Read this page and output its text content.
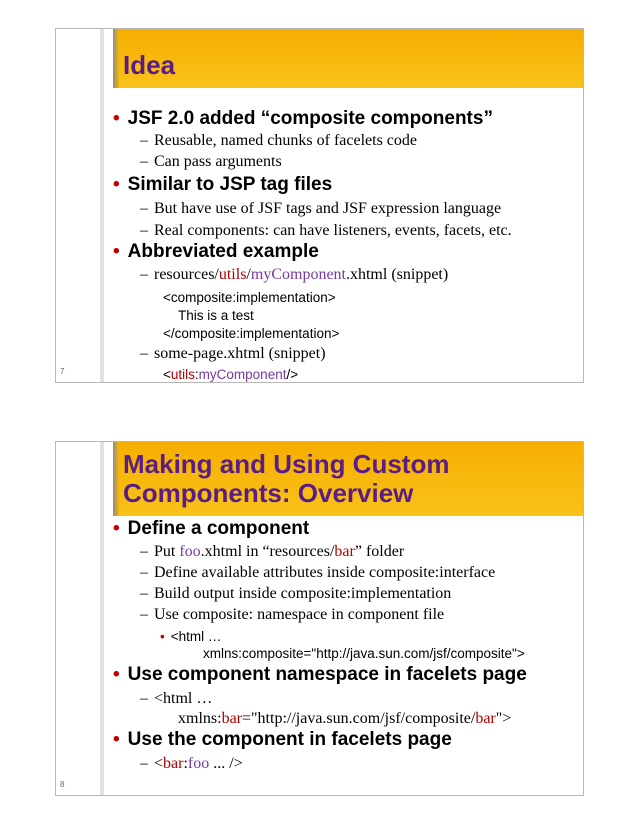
Idea
• JSF 2.0 added “composite components”
– Reusable, named chunks of facelets code
– Can pass arguments
• Similar to JSP tag files
– But have use of JSF tags and JSF expression language
– Real components: can have listeners, events, facets, etc.
• Abbreviated example
– resources/utils/myComponent.xhtml (snippet)
<composite:implementation>
This is a test
</composite:implementation>
– some-page.xhtml (snippet)
<utils:myComponent/>
7
Making and Using Custom
Components: Overview
• Define a component
– Put foo.xhtml in “resources/bar” folder
– Define available attributes inside composite:interface
– Build output inside composite:implementation
– Use composite: namespace in component file
• <html …
xmlns:composite="http://java.sun.com/jsf/composite">
• Use component namespace in facelets page
– <html …
xmlns:bar="http://java.sun.com/jsf/composite/bar">
• Use the component in facelets page
– <bar:foo ... />
8
